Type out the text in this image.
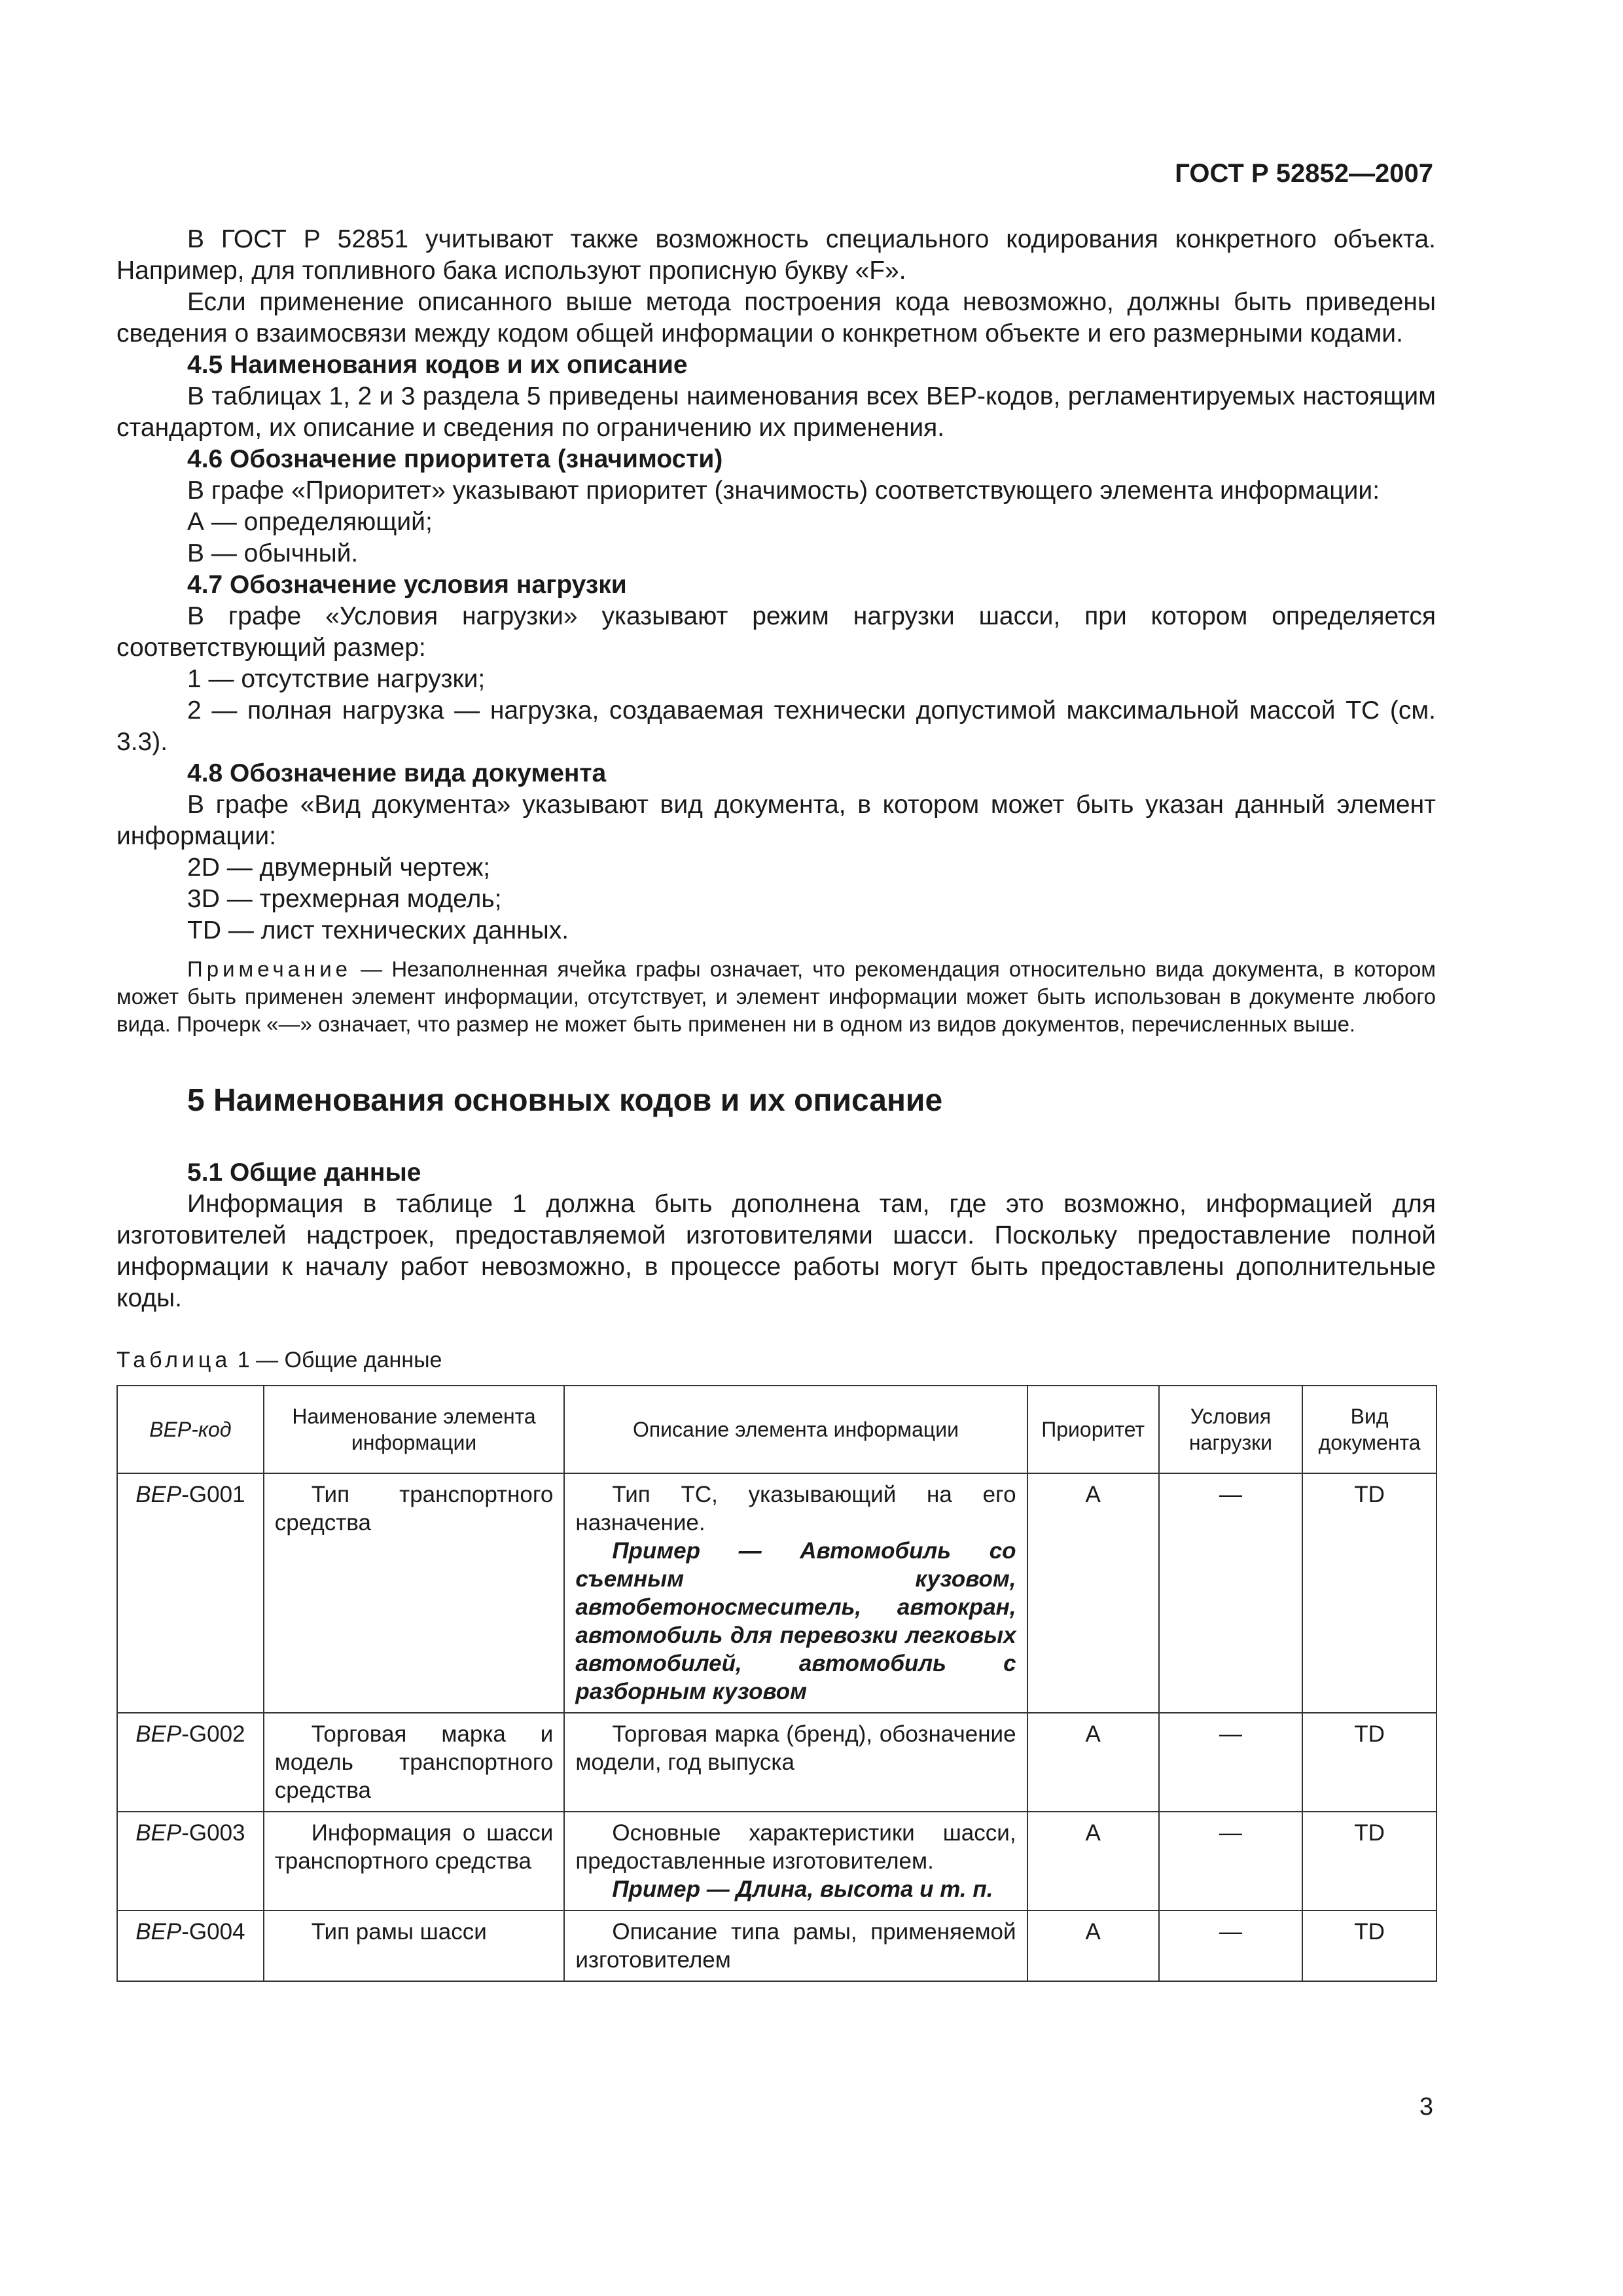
ГОСТ Р 52852—2007

В ГОСТ Р 52851 учитывают также возможность специального кодирования конкретного объекта. Например, для топливного бака используют прописную букву «F».

Если применение описанного выше метода построения кода невозможно, должны быть приведены сведения о взаимосвязи между кодом общей информации о конкретном объекте и его размерными кодами.

4.5 Наименования кодов и их описание

В таблицах 1, 2 и 3 раздела 5 приведены наименования всех BEP-кодов, регламентируемых настоящим стандартом, их описание и сведения по ограничению их применения.

4.6 Обозначение приоритета (значимости)

В графе «Приоритет» указывают приоритет (значимость) соответствующего элемента информации:

А — определяющий;

В — обычный.

4.7 Обозначение условия нагрузки

В графе «Условия нагрузки» указывают режим нагрузки шасси, при котором определяется соответствующий размер:

1 — отсутствие нагрузки;

2 — полная нагрузка — нагрузка, создаваемая технически допустимой максимальной массой ТС (см. 3.3).

4.8 Обозначение вида документа

В графе «Вид документа» указывают вид документа, в котором может быть указан данный элемент информации:

2D — двумерный чертеж;

3D — трехмерная модель;

TD — лист технических данных.

Примечание — Незаполненная ячейка графы означает, что рекомендация относительно вида документа, в котором может быть применен элемент информации, отсутствует, и элемент информации может быть использован в документе любого вида. Прочерк «—» означает, что размер не может быть применен ни в одном из видов документов, перечисленных выше.

5 Наименования основных кодов и их описание

5.1 Общие данные

Информация в таблице 1 должна быть дополнена там, где это возможно, информацией для изготовителей надстроек, предоставляемой изготовителями шасси. Поскольку предоставление полной информации к началу работ невозможно, в процессе работы могут быть предоставлены дополнительные коды.

Таблица 1 — Общие данные

BEP-код	Наименование элемента информации	Описание элемента информации	Приоритет	Условия нагрузки	Вид документа
BEP-G001	Тип транспортного средства	Тип ТС, указывающий на его назначение.
Пример — Автомобиль со съемным кузовом, автобетоносмеситель, автокран, автомобиль для перевозки легковых автомобилей, автомобиль с разборным кузовом	А	—	TD
BEP-G002	Торговая марка и модель транспортного средства	Торговая марка (бренд), обозначение модели, год выпуска	А	—	TD
BEP-G003	Информация о шасси транспортного средства	Основные характеристики шасси, предоставленные изготовителем.
Пример — Длина, высота и т. п.	А	—	TD
BEP-G004	Тип рамы шасси	Описание типа рамы, применяемой изготовителем	А	—	TD
3
